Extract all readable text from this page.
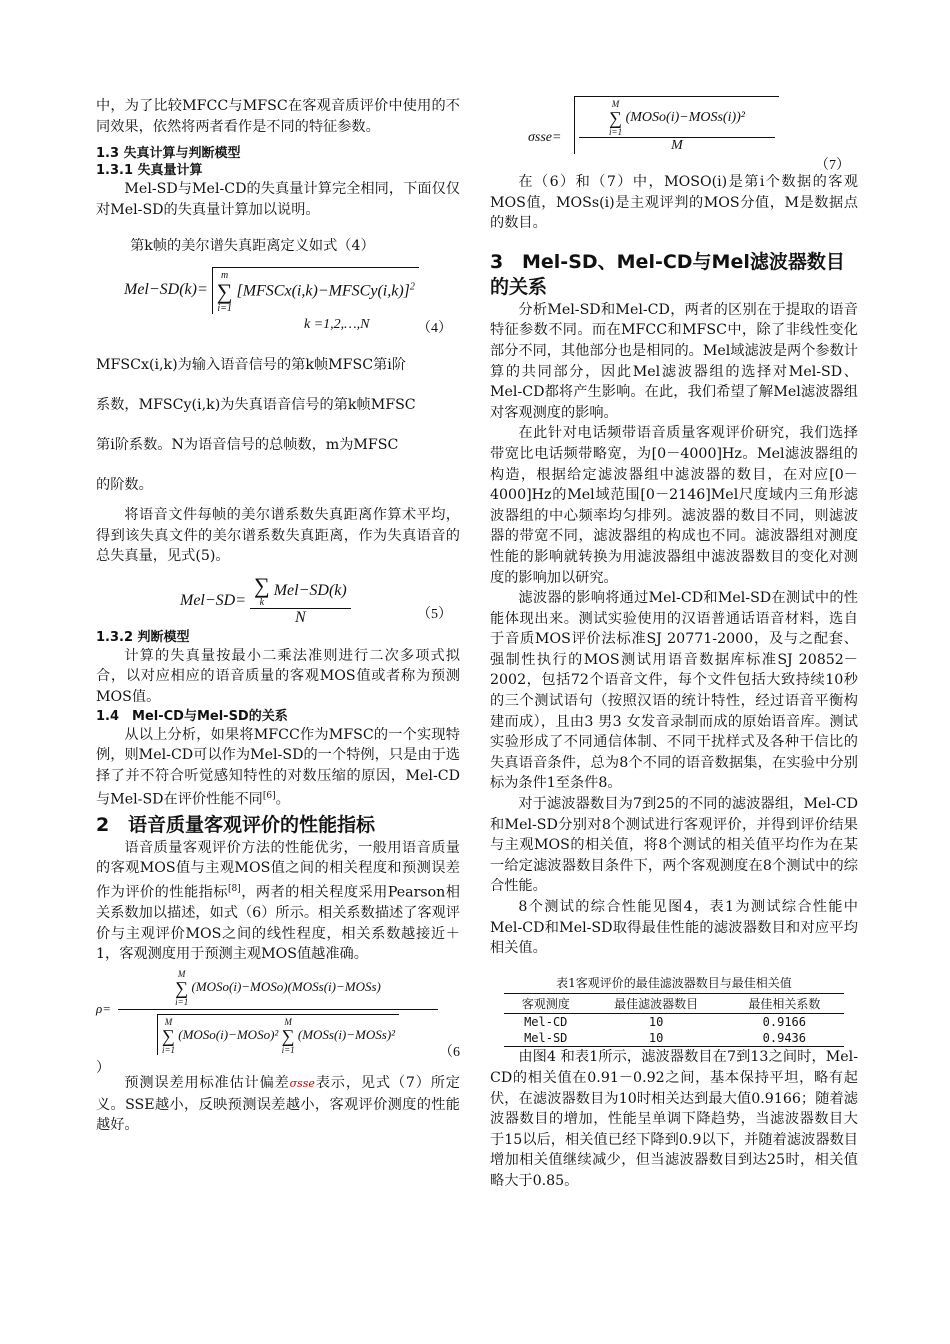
中，为了比较MFCC与MFSC在客观音质评价中使用的不同效果，依然将两者看作是不同的特征参数。

1.3 失真计算与判断模型
1.3.1 失真量计算

Mel-SD与Mel-CD的失真量计算完全相同，下面仅仅对Mel-SD的失真量计算加以说明。

第k帧的美尔谱失真距离定义如式（4）

Mel−SD(k)=
m
∑
i=1
[MFSCx(i,k)−MFSCy(i,k)]$^2$
k =1,2,…,N	（4）

MFSCx(i,k)为输入语音信号的第k帧MFSC第i阶

系数，MFSCy(i,k)为失真语音信号的第k帧MFSC

第i阶系数。N为语音信号的总帧数，m为MFSC

的阶数。

将语音文件每帧的美尔谱系数失真距离作算术平均，得到该失真文件的美尔谱系数失真距离，作为失真语音的总失真量，见式(5)。

Mel−SD= ∑
k
Mel−SD(k)
N	（5）
1.3.2 判断模型

计算的失真量按最小二乘法准则进行二次多项式拟合，以对应相应的语音质量的客观MOS值或者称为预测MOS值。

1.4　Mel-CD与Mel-SD的关系

从以上分析，如果将MFCC作为MFSC的一个实现特例，则Mel-CD可以作为Mel-SD的一个特例，只是由于选择了并不符合听觉感知特性的对数压缩的原因，Mel-CD与Mel-SD在评价性能不同[6]。

2 语音质量客观评价的性能指标

语音质量客观评价方法的性能优劣，一般用语音质量的客观MOS值与主观MOS值之间的相关程度和预测误差作为评价的性能指标[8]，两者的相关程度采用Pearson相关系数加以描述，如式（6）所示。相关系数描述了客观评价与主观评价MOS之间的线性程度，相关系数越接近＋1，客观测度用于预测主观MOS值越准确。

ρ=
M
∑
i=1
(MOSo(i)−MOSo)(MOSs(i)−MOSs)
M
∑
i=1
(MOSo(i)−MOSo)²
M
∑
i=1
(MOSs(i)−MOSs)²
（6
）

预测误差用标准估计偏差σsse表示，见式（7）所定义。SSE越小，反映预测误差越小，客观评价测度的性能越好。

σsse=
M
∑
i=1
(MOSo(i)−MOSs(i))²
M
（7）

在（6）和（7）中，MOSO(i)是第i个数据的客观MOS值，MOSs(i)是主观评判的MOS分值，M是数据点的数目。

3 Mel-SD、Mel-CD与Mel滤波器数目的关系

分析Mel-SD和Mel-CD，两者的区别在于提取的语音特征参数不同。而在MFCC和MFSC中，除了非线性变化部分不同，其他部分也是相同的。Mel域滤波是两个参数计算的共同部分，因此Mel滤波器组的选择对Mel-SD、Mel-CD都将产生影响。在此，我们希望了解Mel滤波器组对客观测度的影响。

在此针对电话频带语音质量客观评价研究，我们选择带宽比电话频带略宽，为[0－4000]Hz。Mel滤波器组的构造，根据给定滤波器组中滤波器的数目，在对应[0－4000]Hz的Mel域范围[0－2146]Mel尺度域内三角形滤波器组的中心频率均匀排列。滤波器的数目不同，则滤波器的带宽不同，滤波器组的构成也不同。滤波器组对测度性能的影响就转换为用滤波器组中滤波器数目的变化对测度的影响加以研究。

滤波器的影响将通过Mel-CD和Mel-SD在测试中的性能体现出来。测试实验使用的汉语普通话语音材料，选自于音质MOS评价法标准SJ 20771-2000，及与之配套、强制性执行的MOS测试用语音数据库标准SJ 20852－2002，包括72个语音文件，每个文件包括大致持续10秒的三个测试语句（按照汉语的统计特性，经过语音平衡构建而成），且由3 男3 女发音录制而成的原始语音库。测试实验形成了不同通信体制、不同干扰样式及各种干信比的失真语音条件，总为8个不同的语音数据集，在实验中分别标为条件1至条件8。

对于滤波器数目为7到25的不同的滤波器组，Mel-CD和Mel-SD分别对8个测试进行客观评价，并得到评价结果与主观MOS的相关值，将8个测试的相关值平均作为在某一给定滤波器数目条件下，两个客观测度在8个测试中的综合性能。

8个测试的综合性能见图4，表1为测试综合性能中 Mel-CD和Mel-SD取得最佳性能的滤波器数目和对应平均相关值。

表1客观评价的最佳滤波器数目与最佳相关值

客观测度	最佳滤波器数目	最佳相关系数
Mel-CD	10	0.9166
Mel-SD	10	0.9436

由图4 和表1所示，滤波器数目在7到13之间时，Mel-CD的相关值在0.91－0.92之间，基本保持平坦，略有起伏，在滤波器数目为10时相关达到最大值0.9166；随着滤波器数目的增加，性能呈单调下降趋势，当滤波器数目大于15以后，相关值已经下降到0.9以下，并随着滤波器数目增加相关值继续减少，但当滤波器数目到达25时，相关值略大于0.85。
